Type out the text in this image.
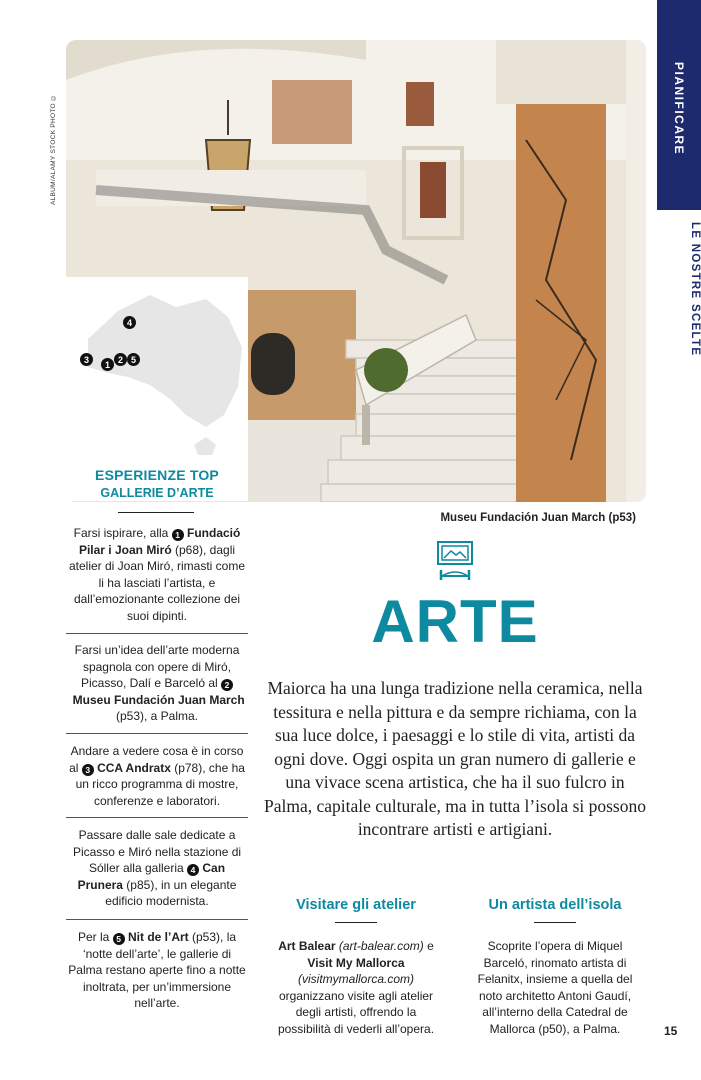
PIANIFICARE
LE NOSTRE SCELTE
ALBUM/ALAMY STOCK PHOTO ©
4
3	1 2 5
ESPERIENZE TOP
GALLERIE D’ARTE
Museu Fundación Juan March (p53)
Farsi ispirare, alla 1 Fundació Pilar i Joan Miró (p68), dagli atelier di Joan Miró, rimasti come li ha lasciati l’artista, e dall’emozionante collezione dei suoi dipinti.
Farsi un’idea dell’arte moderna spagnola con opere di Miró, Picasso, Dalí e Barceló al 2 Museu Fundación Juan March (p53), a Palma.
Andare a vedere cosa è in corso al 3 CCA Andratx (p78), che ha un ricco programma di mostre, conferenze e laboratori.
Passare dalle sale dedicate a Picasso e Miró nella stazione di Sóller alla galleria 4 Can Prunera (p85), in un elegante edificio modernista.
Per la 5 Nit de l’Art (p53), la ‘notte dell’arte’, le gallerie di Palma restano aperte fino a notte inoltrata, per un’immersione nell’arte.
ARTE
Maiorca ha una lunga tradizione nella ceramica, nella tessitura e nella pittura e da sempre richiama, con la sua luce dolce, i paesaggi e lo stile di vita, artisti da ogni dove. Oggi ospita un gran numero di gallerie e una vivace scena artistica, che ha il suo fulcro in Palma, capitale culturale, ma in tutta l’isola si possono incontrare artisti e artigiani.
Visitare gli atelier
Art Balear (art-balear.com) e Visit My Mallorca (visitmymallorca.com) organizzano visite agli atelier degli artisti, offrendo la possibilità di vederli all’opera.
Un artista dell’isola
Scoprite l’opera di Miquel Barceló, rinomato artista di Felanitx, insieme a quella del noto architetto Antoni Gaudí, all’interno della Catedral de Mallorca (p50), a Palma.	15
